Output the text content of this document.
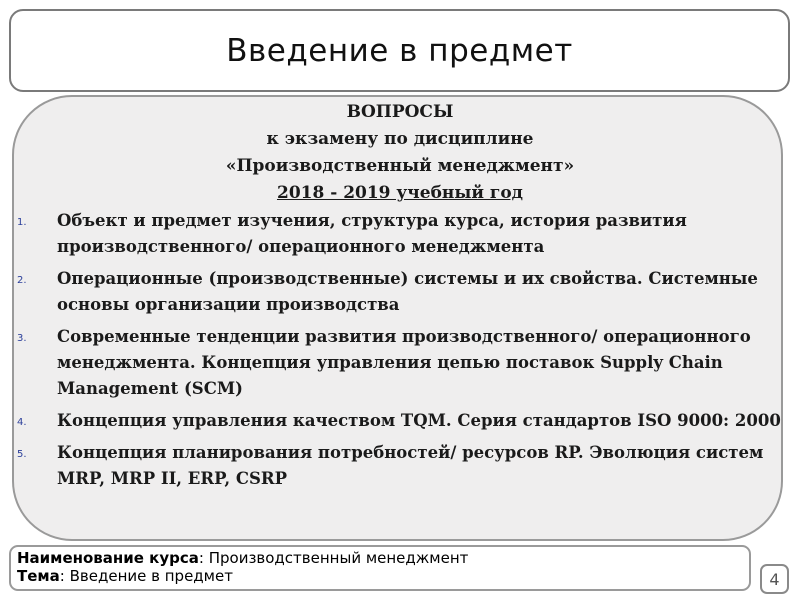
Введение в предмет
ВОПРОСЫ
к экзамену по дисциплине
«Производственный менеджмент»
2018 - 2019 учебный год
1. Объект и предмет изучения, структура курса, история развития производственного/ операционного менеджмента
2. Операционные (производственные) системы и их свойства. Системные основы организации производства
3. Современные тенденции развития производственного/ операционного менеджмента. Концепция управления цепью поставок Supply Chain Management (SCM)
4. Концепция управления качеством TQM. Серия стандартов ISO 9000: 2000
5. Концепция планирования потребностей/ ресурсов RP. Эволюция систем MRP, MRP II, ERP, CSRP
Наименование курса: Производственный менеджмент
Тема: Введение в предмет	4
